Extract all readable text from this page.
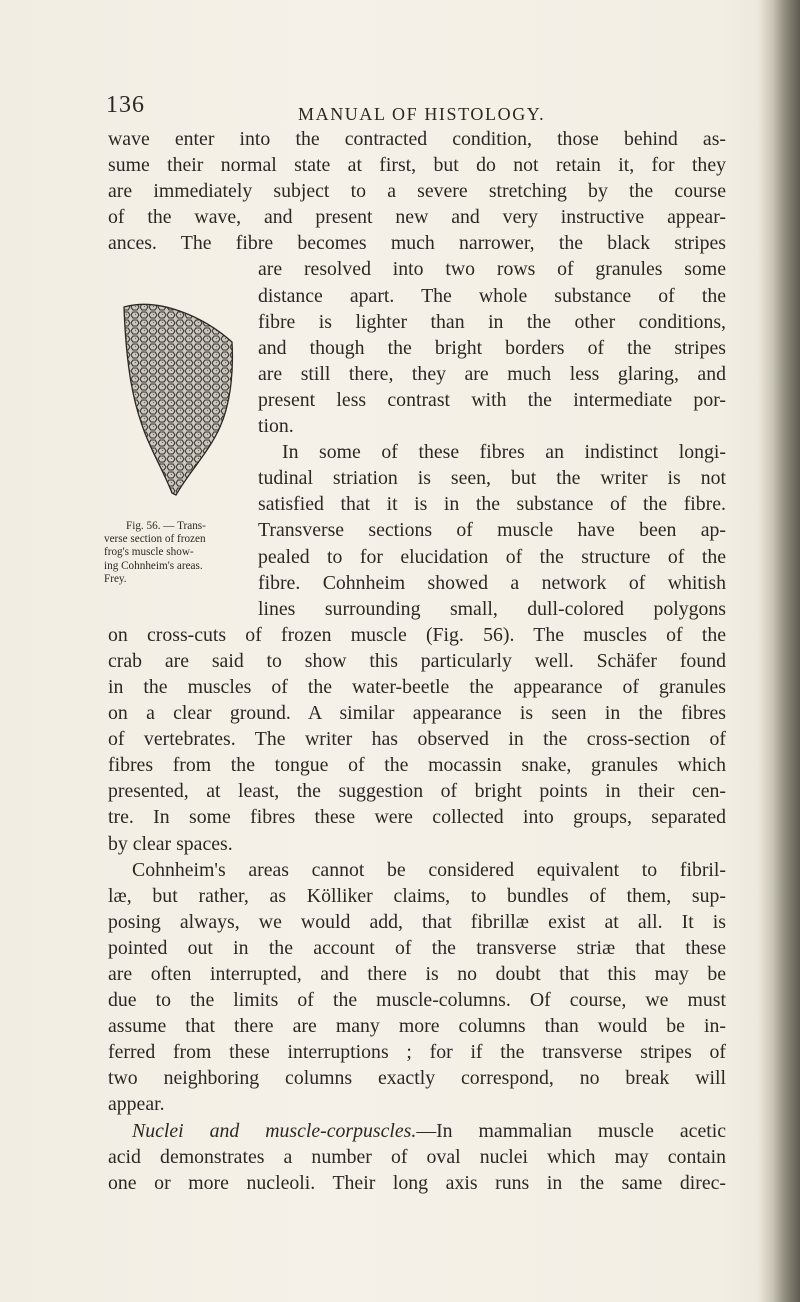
136	MANUAL OF HISTOLOGY.
Fig. 56. — Trans-
verse section of frozen
frog's muscle show-
ing Cohnheim's areas.
Frey.

wave enter into the contracted condition, those behind as-
sume their normal state at first, but do not retain it, for they
are immediately subject to a severe stretching by the course
of the wave, and present new and very instructive appear-
ances. The fibre becomes much narrower, the black stripes
are resolved into two rows of granules some
distance apart. The whole substance of the
fibre is lighter than in the other conditions,
and though the bright borders of the stripes
are still there, they are much less glaring, and
present less contrast with the intermediate por-
tion.

In some of these fibres an indistinct longi-
tudinal striation is seen, but the writer is not
satisfied that it is in the substance of the fibre.
Transverse sections of muscle have been ap-
pealed to for elucidation of the structure of the
fibre. Cohnheim showed a network of whitish
lines surrounding small, dull-colored polygons
on cross-cuts of frozen muscle (Fig. 56). The muscles of the
crab are said to show this particularly well. Schäfer found
in the muscles of the water-beetle the appearance of granules
on a clear ground. A similar appearance is seen in the fibres
of vertebrates. The writer has observed in the cross-section of
fibres from the tongue of the mocassin snake, granules which
presented, at least, the suggestion of bright points in their cen-
tre. In some fibres these were collected into groups, separated
by clear spaces.

Cohnheim's areas cannot be considered equivalent to fibril-
læ, but rather, as Kölliker claims, to bundles of them, sup-
posing always, we would add, that fibrillæ exist at all. It is
pointed out in the account of the transverse striæ that these
are often interrupted, and there is no doubt that this may be
due to the limits of the muscle-columns. Of course, we must
assume that there are many more columns than would be in-
ferred from these interruptions ; for if the transverse stripes of
two neighboring columns exactly correspond, no break will
appear.

Nuclei and muscle-corpuscles.—In mammalian muscle acetic
acid demonstrates a number of oval nuclei which may contain
one or more nucleoli. Their long axis runs in the same direc-
